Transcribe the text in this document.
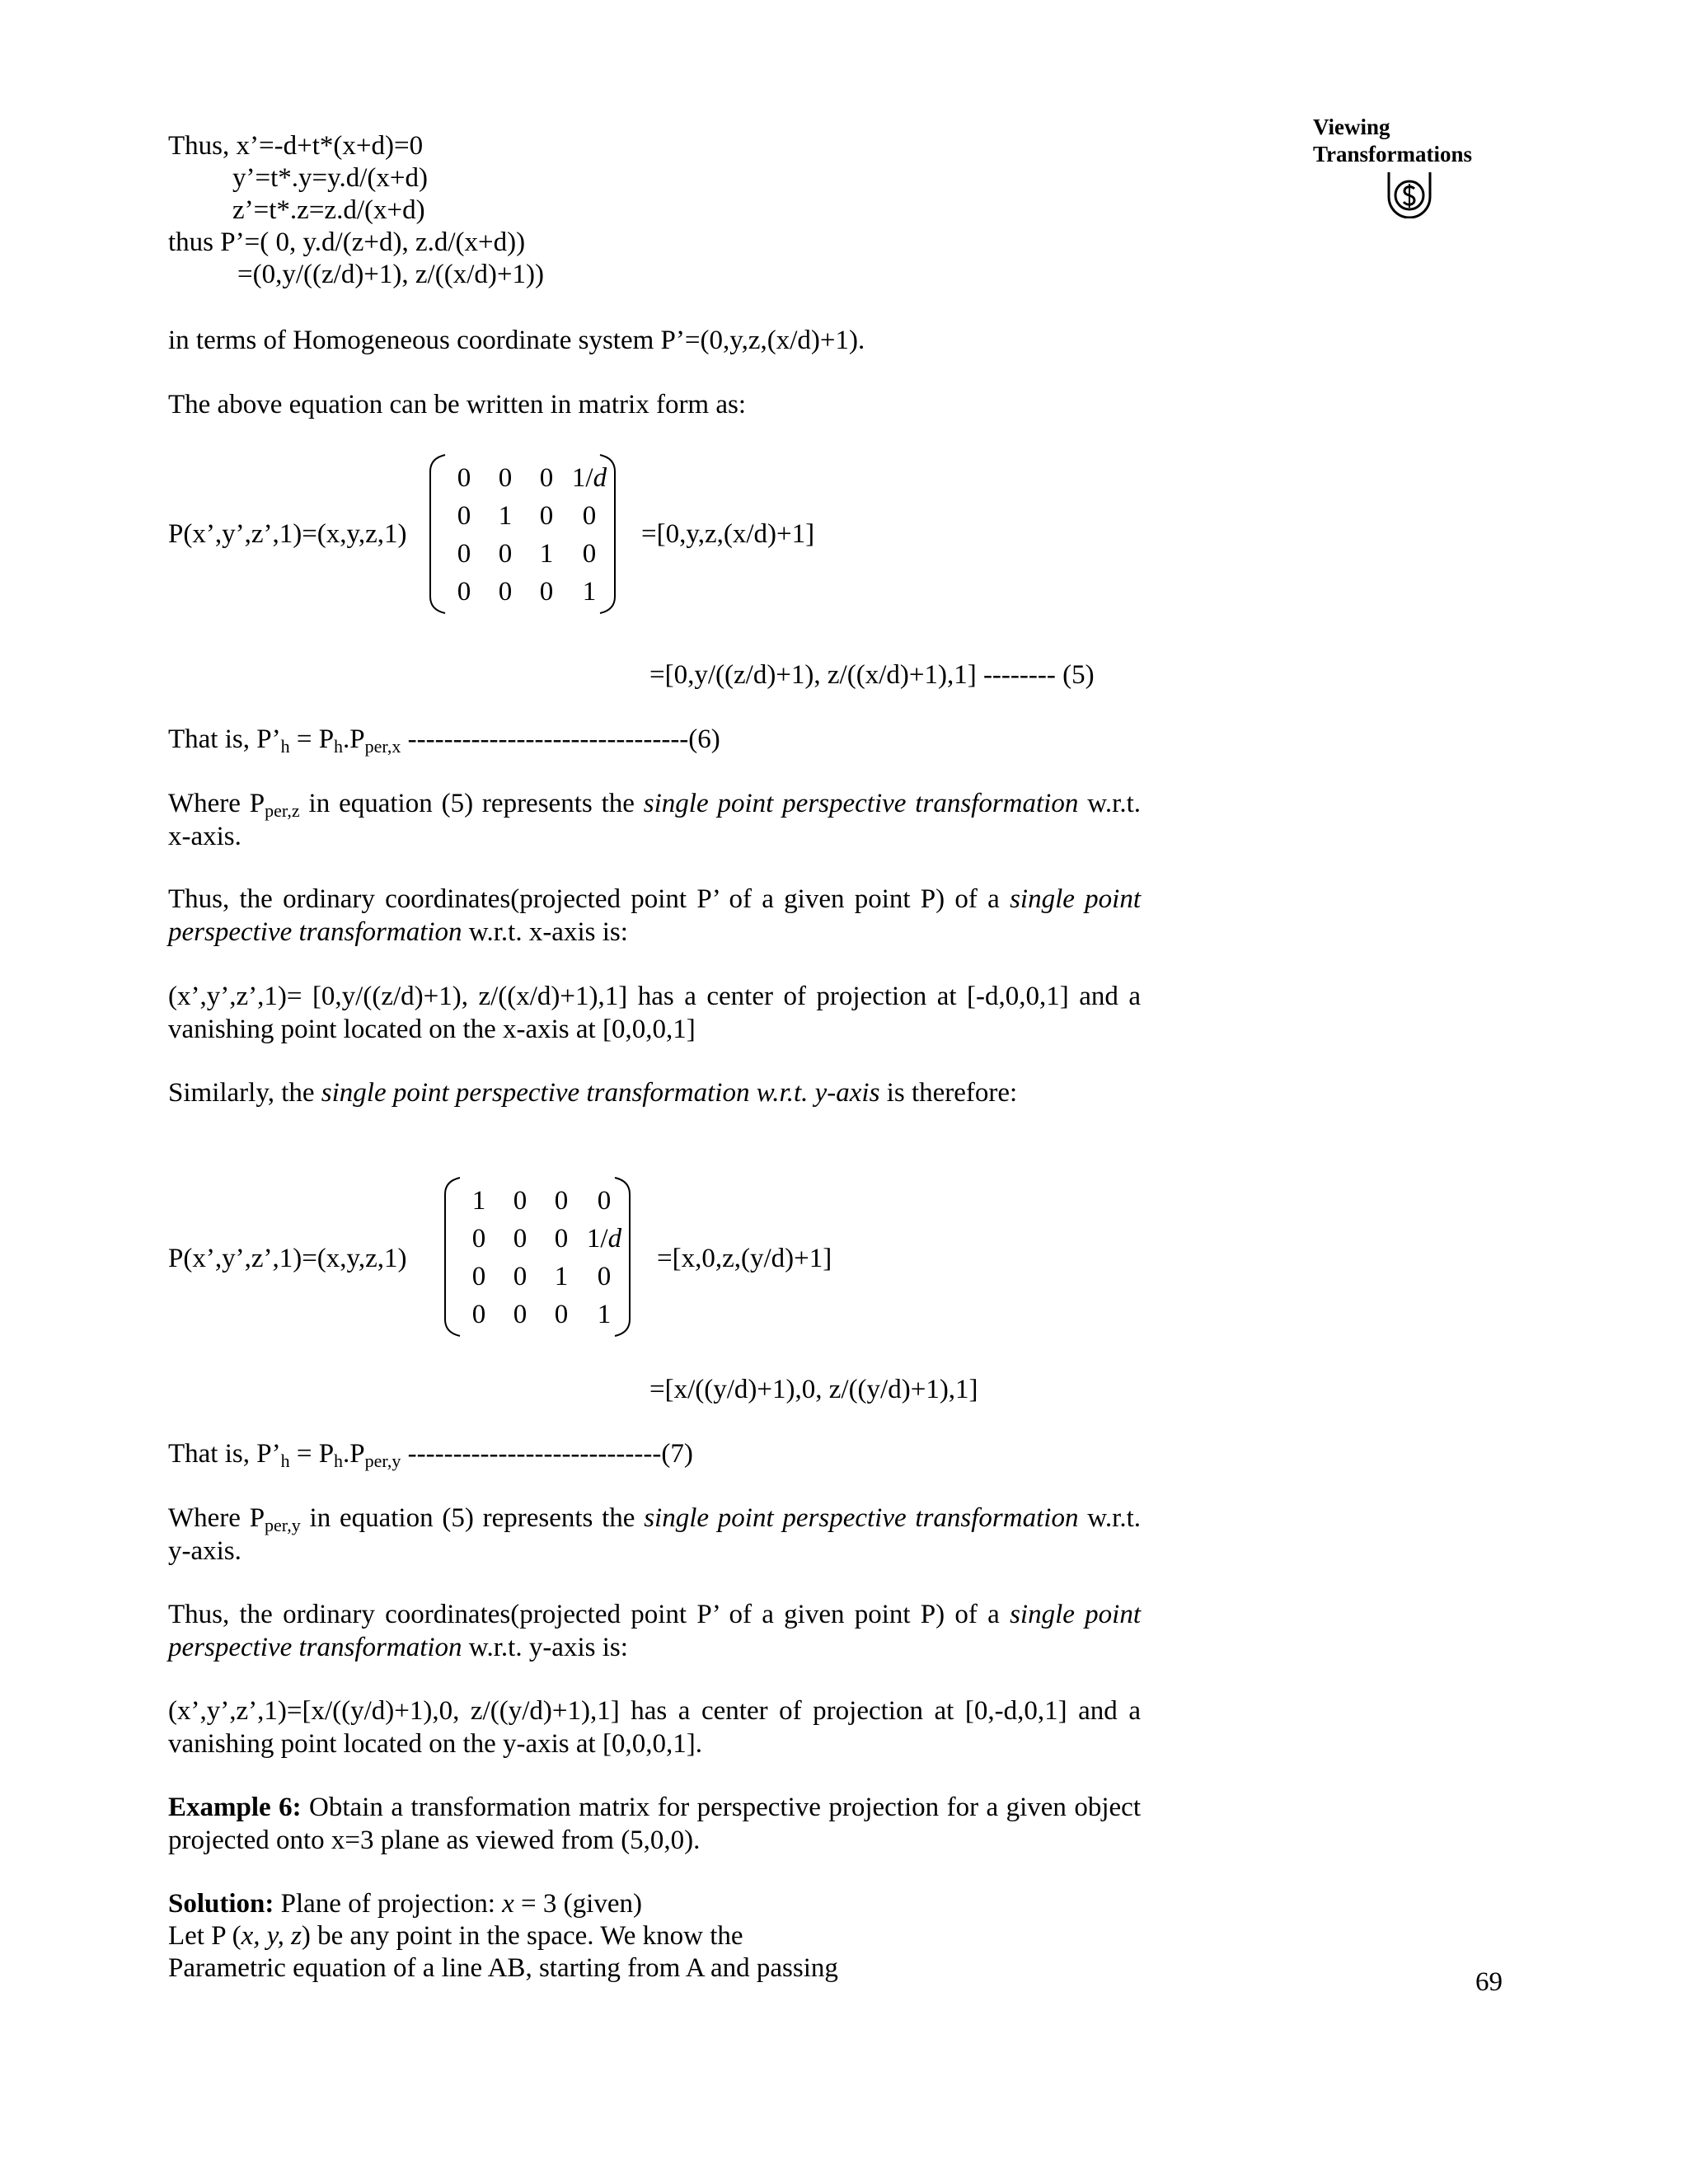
Viewing
Transformations
Thus, x’=-d+t*(x+d)=0
y’=t*.y=y.d/(x+d)
z’=t*.z=z.d/(x+d)
thus P’=( 0, y.d/(z+d), z.d/(x+d))
=(0,y/((z/d)+1), z/((x/d)+1))
in terms of Homogeneous coordinate system P’=(0,y,z,(x/d)+1).
The above equation can be written in matrix form as:
P(x’,y’,z’,1)=(x,y,z,1)
0	0	0 1/d
0	1	0	0
0	0	1	0
0	0	0	1
=[0,y,z,(x/d)+1]
=[0,y/((z/d)+1), z/((x/d)+1),1] -------- (5)
That is, $P’_h = P_h.P_{per,x}$ -------------------------------(6)
Where $P_{per,z}$ in equation (5) represents the single point perspective transformation w.r.t. x-axis.
Thus, the ordinary coordinates(projected point P’ of a given point P) of a single point perspective transformation w.r.t. x-axis is:
(x’,y’,z’,1)= [0,y/((z/d)+1), z/((x/d)+1),1] has a center of projection at [-d,0,0,1] and a vanishing point located on the x-axis at [0,0,0,1]
Similarly, the single point perspective transformation w.r.t. y-axis is therefore:
P(x’,y’,z’,1)=(x,y,z,1)
1	0	0	0
0	0	0 1/d
0	0	1	0
0	0	0	1
=[x,0,z,(y/d)+1]
=[x/((y/d)+1),0, z/((y/d)+1),1]
That is, $P’_h = P_h.P_{per,y}$ ----------------------------(7)
Where $P_{per,y}$ in equation (5) represents the single point perspective transformation w.r.t. y-axis.
Thus, the ordinary coordinates(projected point P’ of a given point P) of a single point perspective transformation w.r.t. y-axis is:
(x’,y’,z’,1)=[x/((y/d)+1),0, z/((y/d)+1),1] has a center of projection at [0,-d,0,1] and a vanishing point located on the y-axis at [0,0,0,1].
Example 6: Obtain a transformation matrix for perspective projection for a given object projected onto x=3 plane as viewed from (5,0,0).
Solution: Plane of projection: x = 3 (given)
Let P (x, y, z) be any point in the space. We know the
Parametric equation of a line AB, starting from A and passing	69
